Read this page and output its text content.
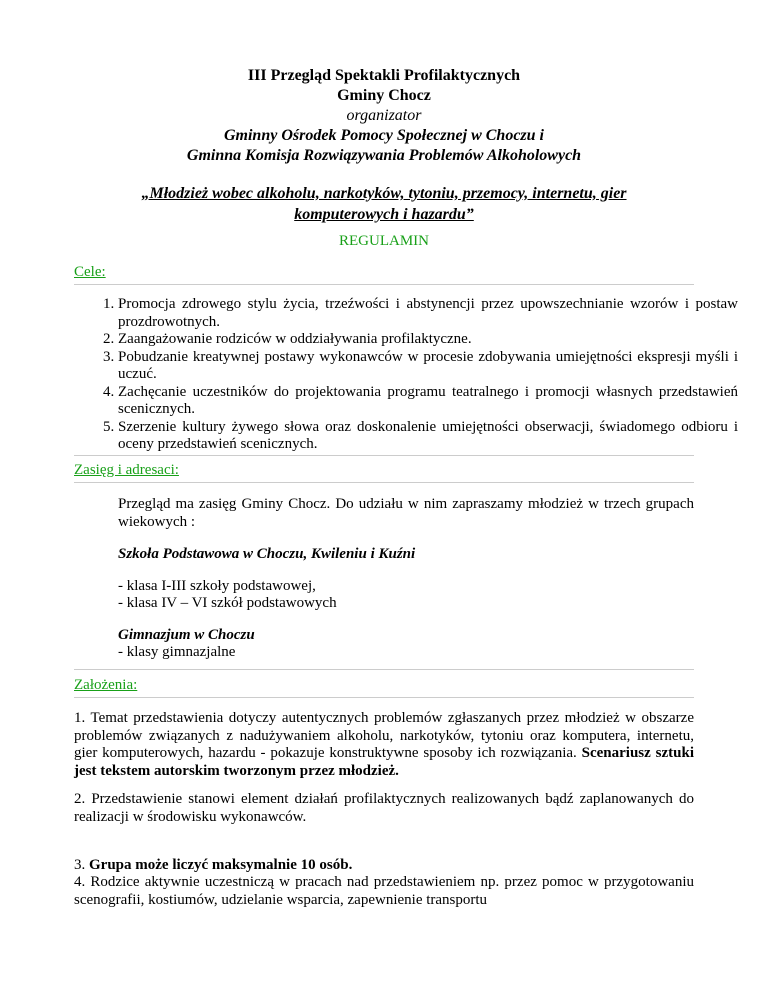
III Przegląd Spektakli Profilaktycznych
Gminy Chocz
organizator
Gminny Ośrodek Pomocy Społecznej w Choczu i
Gminna Komisja Rozwiązywania Problemów Alkoholowych
„Młodzież wobec alkoholu, narkotyków, tytoniu, przemocy, internetu, gier
komputerowych i hazardu”
REGULAMIN
Cele:
1. Promocja zdrowego stylu życia, trzeźwości i abstynencji przez upowszechnianie wzorów i postaw prozdrowotnych.
2. Zaangażowanie rodziców w oddziaływania profilaktyczne.
3. Pobudzanie kreatywnej postawy wykonawców w procesie zdobywania umiejętności ekspresji myśli i uczuć.
4. Zachęcanie uczestników do projektowania programu teatralnego i promocji własnych przedstawień scenicznych.
5. Szerzenie kultury żywego słowa oraz doskonalenie umiejętności obserwacji, świadomego odbioru i oceny przedstawień scenicznych.
Zasięg i adresaci:
Przegląd ma zasięg Gminy Chocz. Do udziału w nim zapraszamy młodzież w trzech grupach wiekowych :
Szkoła Podstawowa w Choczu, Kwileniu i Kuźni
- klasa I-III szkoły podstawowej,
- klasa IV – VI szkół podstawowych
Gimnazjum w Choczu
- klasy gimnazjalne
Założenia:
1. Temat przedstawienia dotyczy autentycznych problemów zgłaszanych przez młodzież w obszarze problemów związanych z nadużywaniem alkoholu, narkotyków, tytoniu oraz komputera, internetu, gier komputerowych, hazardu - pokazuje konstruktywne sposoby ich rozwiązania. Scenariusz sztuki jest tekstem autorskim tworzonym przez młodzież.
2. Przedstawienie stanowi element działań profilaktycznych realizowanych bądź zaplanowanych do realizacji w środowisku wykonawców.
3. Grupa może liczyć maksymalnie 10 osób.
4. Rodzice aktywnie uczestniczą w pracach nad przedstawieniem np. przez pomoc w przygotowaniu scenografii, kostiumów, udzielanie wsparcia, zapewnienie transportu
